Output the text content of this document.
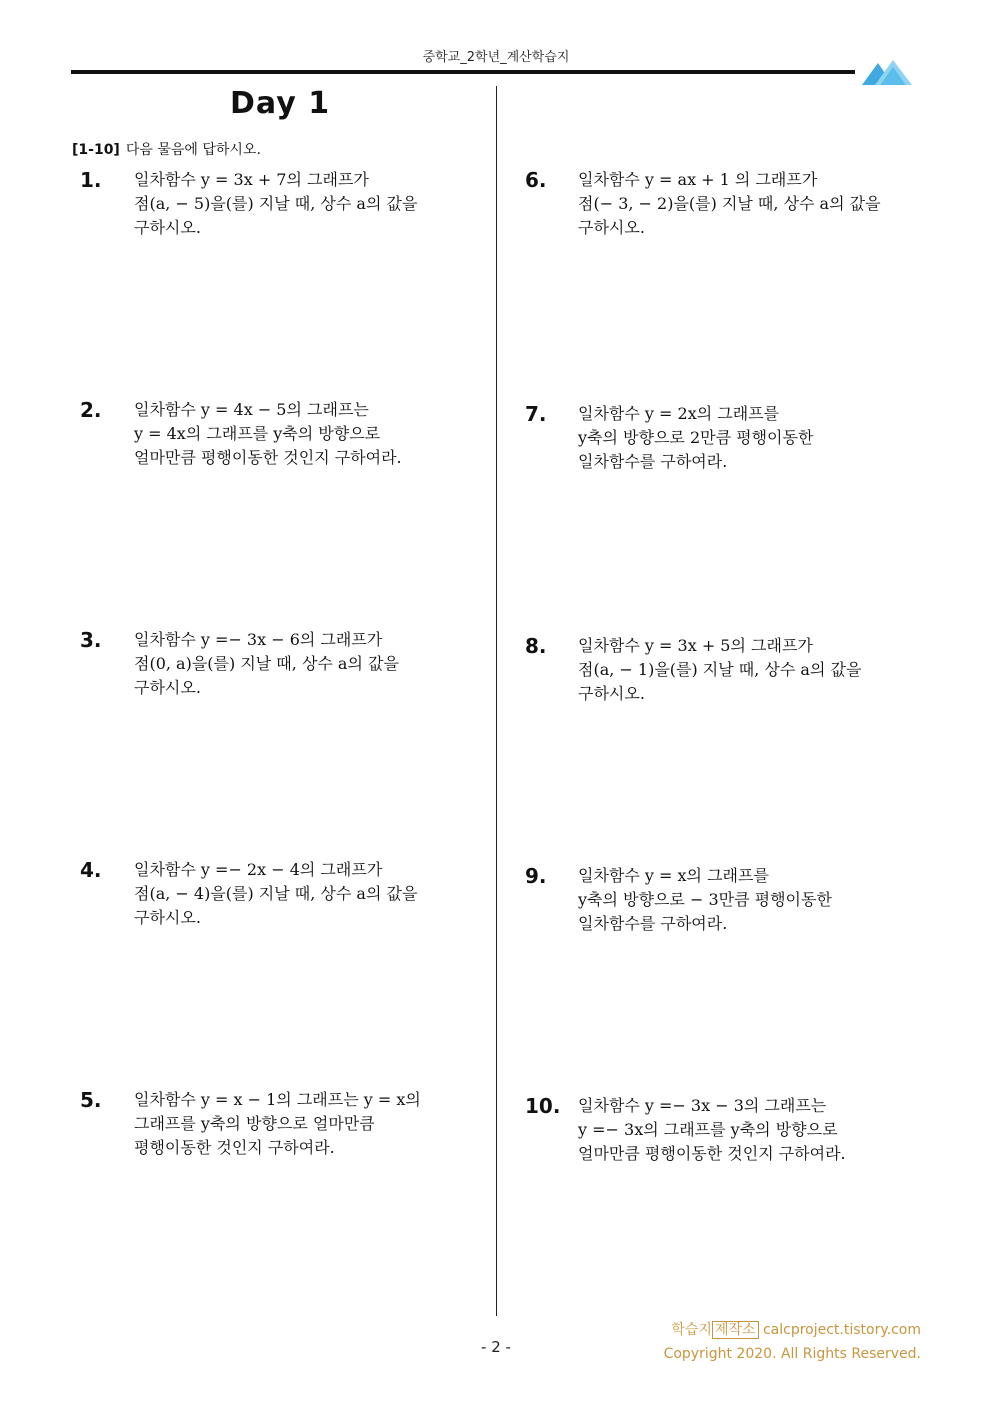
중학교_2학년_계산학습지
Day 1
[1-10] 다음 물음에 답하시오.
1. 일차함수 y = 3x + 7의 그래프가
점(a, − 5)을(를) 지날 때, 상수 a의 값을
구하시오.
2. 일차함수 y = 4x − 5의 그래프는
y = 4x의 그래프를 y축의 방향으로
얼마만큼 평행이동한 것인지 구하여라.
3. 일차함수 y =− 3x − 6의 그래프가
점(0, a)을(를) 지날 때, 상수 a의 값을
구하시오.
4. 일차함수 y =− 2x − 4의 그래프가
점(a, − 4)을(를) 지날 때, 상수 a의 값을
구하시오.
5. 일차함수 y = x − 1의 그래프는 y = x의
그래프를 y축의 방향으로 얼마만큼
평행이동한 것인지 구하여라.
6. 일차함수 y = ax + 1 의 그래프가
점(− 3, − 2)을(를) 지날 때, 상수 a의 값을
구하시오.
7. 일차함수 y = 2x의 그래프를
y축의 방향으로 2만큼 평행이동한
일차함수를 구하여라.
8. 일차함수 y = 3x + 5의 그래프가
점(a, − 1)을(를) 지날 때, 상수 a의 값을
구하시오.
9. 일차함수 y = x의 그래프를
y축의 방향으로 − 3만큼 평행이동한
일차함수를 구하여라.
10. 일차함수 y =− 3x − 3의 그래프는
y =− 3x의 그래프를 y축의 방향으로
얼마만큼 평행이동한 것인지 구하여라.
학습지 제작소 calcproject.tistory.com
Copyright 2020. All Rights Reserved.
- 2 -
